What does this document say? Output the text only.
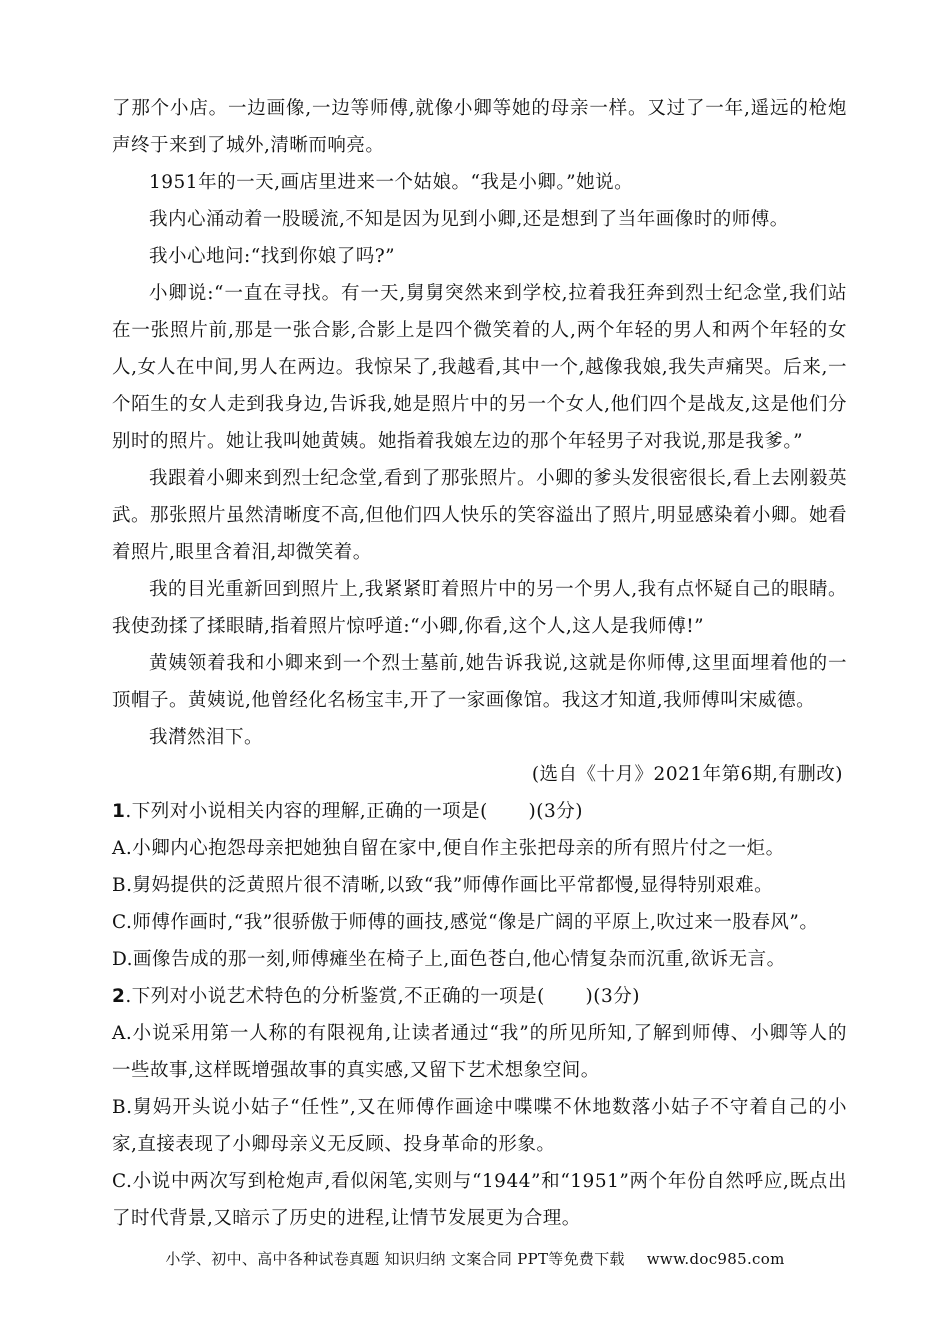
了那个小店。一边画像,一边等师傅,就像小卿等她的母亲一样。又过了一年,遥远的枪炮声终于来到了城外,清晰而响亮。

1951年的一天,画店里进来一个姑娘。“我是小卿。”她说。

我内心涌动着一股暖流,不知是因为见到小卿,还是想到了当年画像时的师傅。

我小心地问:“找到你娘了吗?”

小卿说:“一直在寻找。有一天,舅舅突然来到学校,拉着我狂奔到烈士纪念堂,我们站在一张照片前,那是一张合影,合影上是四个微笑着的人,两个年轻的男人和两个年轻的女人,女人在中间,男人在两边。我惊呆了,我越看,其中一个,越像我娘,我失声痛哭。后来,一个陌生的女人走到我身边,告诉我,她是照片中的另一个女人,他们四个是战友,这是他们分别时的照片。她让我叫她黄姨。她指着我娘左边的那个年轻男子对我说,那是我爹。”

我跟着小卿来到烈士纪念堂,看到了那张照片。小卿的爹头发很密很长,看上去刚毅英武。那张照片虽然清晰度不高,但他们四人快乐的笑容溢出了照片,明显感染着小卿。她看着照片,眼里含着泪,却微笑着。

我的目光重新回到照片上,我紧紧盯着照片中的另一个男人,我有点怀疑自己的眼睛。我使劲揉了揉眼睛,指着照片惊呼道:“小卿,你看,这个人,这人是我师傅!”

黄姨领着我和小卿来到一个烈士墓前,她告诉我说,这就是你师傅,这里面埋着他的一顶帽子。黄姨说,他曾经化名杨宝丰,开了一家画像馆。我这才知道,我师傅叫宋威德。

我潸然泪下。

(选自《十月》2021年第6期,有删改)

1.下列对小说相关内容的理解,正确的一项是( )(3分)

A.小卿内心抱怨母亲把她独自留在家中,便自作主张把母亲的所有照片付之一炬。

B.舅妈提供的泛黄照片很不清晰,以致“我”师傅作画比平常都慢,显得特别艰难。

C.师傅作画时,“我”很骄傲于师傅的画技,感觉“像是广阔的平原上,吹过来一股春风”。

D.画像告成的那一刻,师傅瘫坐在椅子上,面色苍白,他心情复杂而沉重,欲诉无言。

2.下列对小说艺术特色的分析鉴赏,不正确的一项是( )(3分)

A.小说采用第一人称的有限视角,让读者通过“我”的所见所知,了解到师傅、小卿等人的一些故事,这样既增强故事的真实感,又留下艺术想象空间。

B.舅妈开头说小姑子“任性”,又在师傅作画途中喋喋不休地数落小姑子不守着自己的小家,直接表现了小卿母亲义无反顾、投身革命的形象。

C.小说中两次写到枪炮声,看似闲笔,实则与“1944”和“1951”两个年份自然呼应,既点出了时代背景,又暗示了历史的进程,让情节发展更为合理。

小学、初中、高中各种试卷真题 知识归纳 文案合同 PPT等免费下载 www.doc985.com
